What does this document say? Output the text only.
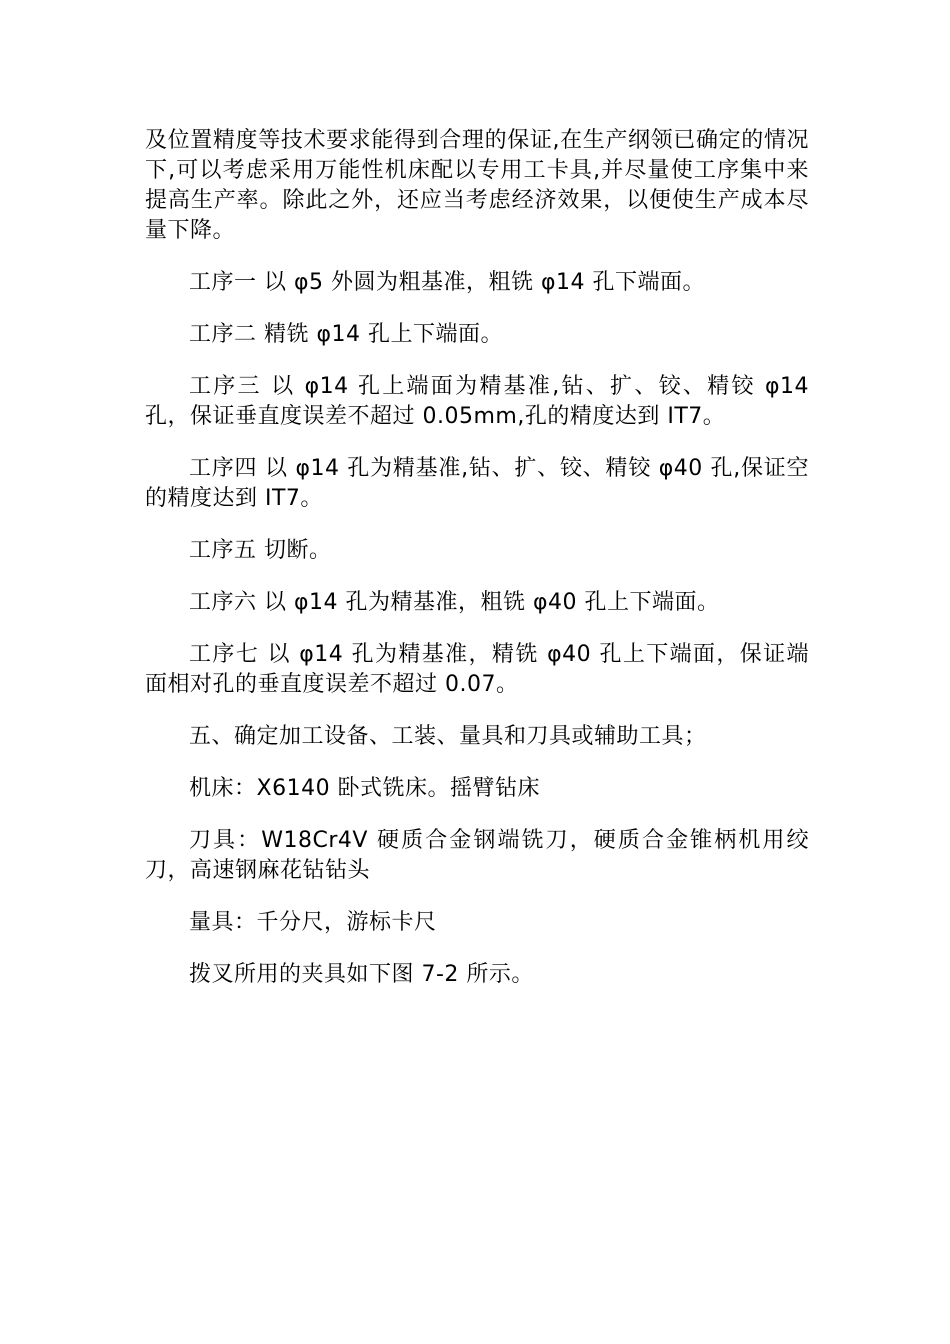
及位置精度等技术要求能得到合理的保证,在生产纲领已确定的情况下,可以考虑采用万能性机床配以专用工卡具,并尽量使工序集中来提高生产率。除此之外，还应当考虑经济效果，以便使生产成本尽量下降。

工序一 以 φ5 外圆为粗基准，粗铣 φ14 孔下端面。

工序二 精铣 φ14 孔上下端面。

工序三 以 φ14 孔上端面为精基准,钻、扩、铰、精铰 φ14 孔，保证垂直度误差不超过 0.05mm,孔的精度达到 IT7。

工序四 以 φ14 孔为精基准,钻、扩、铰、精铰 φ40 孔,保证空的精度达到 IT7。

工序五 切断。

工序六 以 φ14 孔为精基准，粗铣 φ40 孔上下端面。

工序七 以 φ14 孔为精基准，精铣 φ40 孔上下端面，保证端面相对孔的垂直度误差不超过 0.07。

五、确定加工设备、工装、量具和刀具或辅助工具；

机床：X6140 卧式铣床。摇臂钻床

刀具：W18Cr4V 硬质合金钢端铣刀，硬质合金锥柄机用绞刀，高速钢麻花钻钻头

量具：千分尺，游标卡尺

拨叉所用的夹具如下图 7-2 所示。
